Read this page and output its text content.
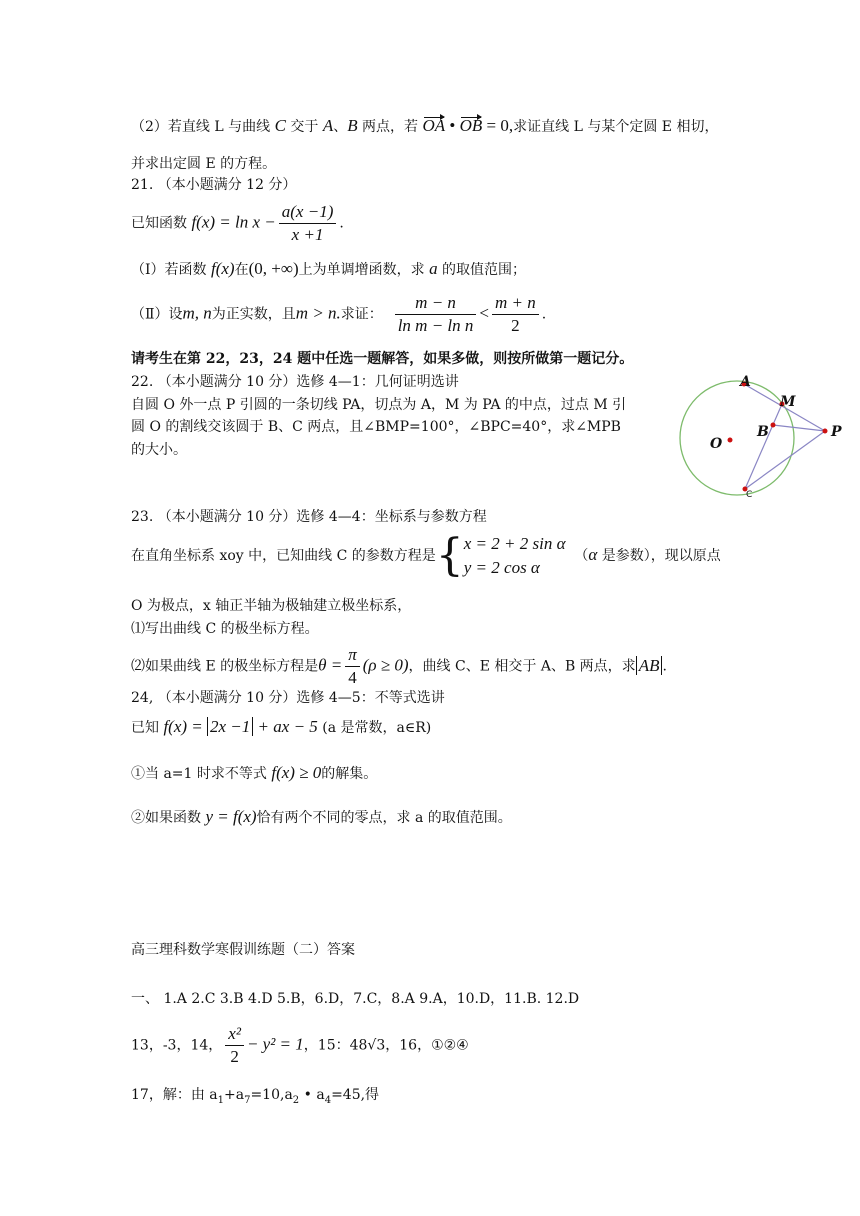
（2）若直线 L 与曲线 C 交于 A、B 两点，若 OA • OB = 0,求证直线 L 与某个定圆 E 相切，
并求出定圆 E 的方程。
21. （本小题满分 12 分）
已知函数 $f(x) = \ln x - \frac{a(x -1)}{x +1}$ .
（Ⅰ）若函数 f(x)在(0, +∞)上为单调增函数，求 a 的取值范围；
（Ⅱ）设m, n为正实数，且m > n.求证： $\frac{m - n}{\text{ln m − ln n}} < \frac{m + n}{2}$ .
请考生在第 22，23，24 题中任选一题解答，如果多做，则按所做第一题记分。
22. （本小题满分 10 分）选修 4—1：几何证明选讲
自圆 O 外一点 P 引圆的一条切线 PA，切点为 A，M 为 PA 的中点，过点 M 引
圆 O 的割线交该圆于 B、C 两点，且∠BMP=100°，∠BPC=40°，求∠MPB
的大小。
A
M
B	P
O
C
23. （本小题满分 10 分）选修 4—4：坐标系与参数方程
在直角坐标系 xoy 中，已知曲线 C 的参数方程是{ x = 2 + 2 sin α
y = 2 cos α
（α 是参数），现以原点
O 为极点，x 轴正半轴为极轴建立极坐标系，
⑴写出曲线 C 的极坐标方程。
⑵如果曲线 E 的极坐标方程是$\theta = \frac{\pi}{4} (\rho \ge 0)$，曲线 C、E 相交于 A、B 两点，求 AB .
24, （本小题满分 10 分）选修 4—5：不等式选讲
已知 f(x) = 2x −1 + ax − 5 (a 是常数，a∈R)
①当 a=1 时求不等式 f(x) ≥ 0的解集。
②如果函数 y = f(x)恰有两个不同的零点，求 a 的取值范围。
高三理科数学寒假训练题（二）答案
一、 1.A 2.C 3.B 4.D 5.B，6.D，7.C，8.A 9.A，10.D，11.B. 12.D
13，-3，14， $\frac{\text{x²}}{2} - y^2 = 1$，15：48√3，16，①②④
17，解：由 $a_1+a_7=10,a_2$ • $a_4=45$,得
